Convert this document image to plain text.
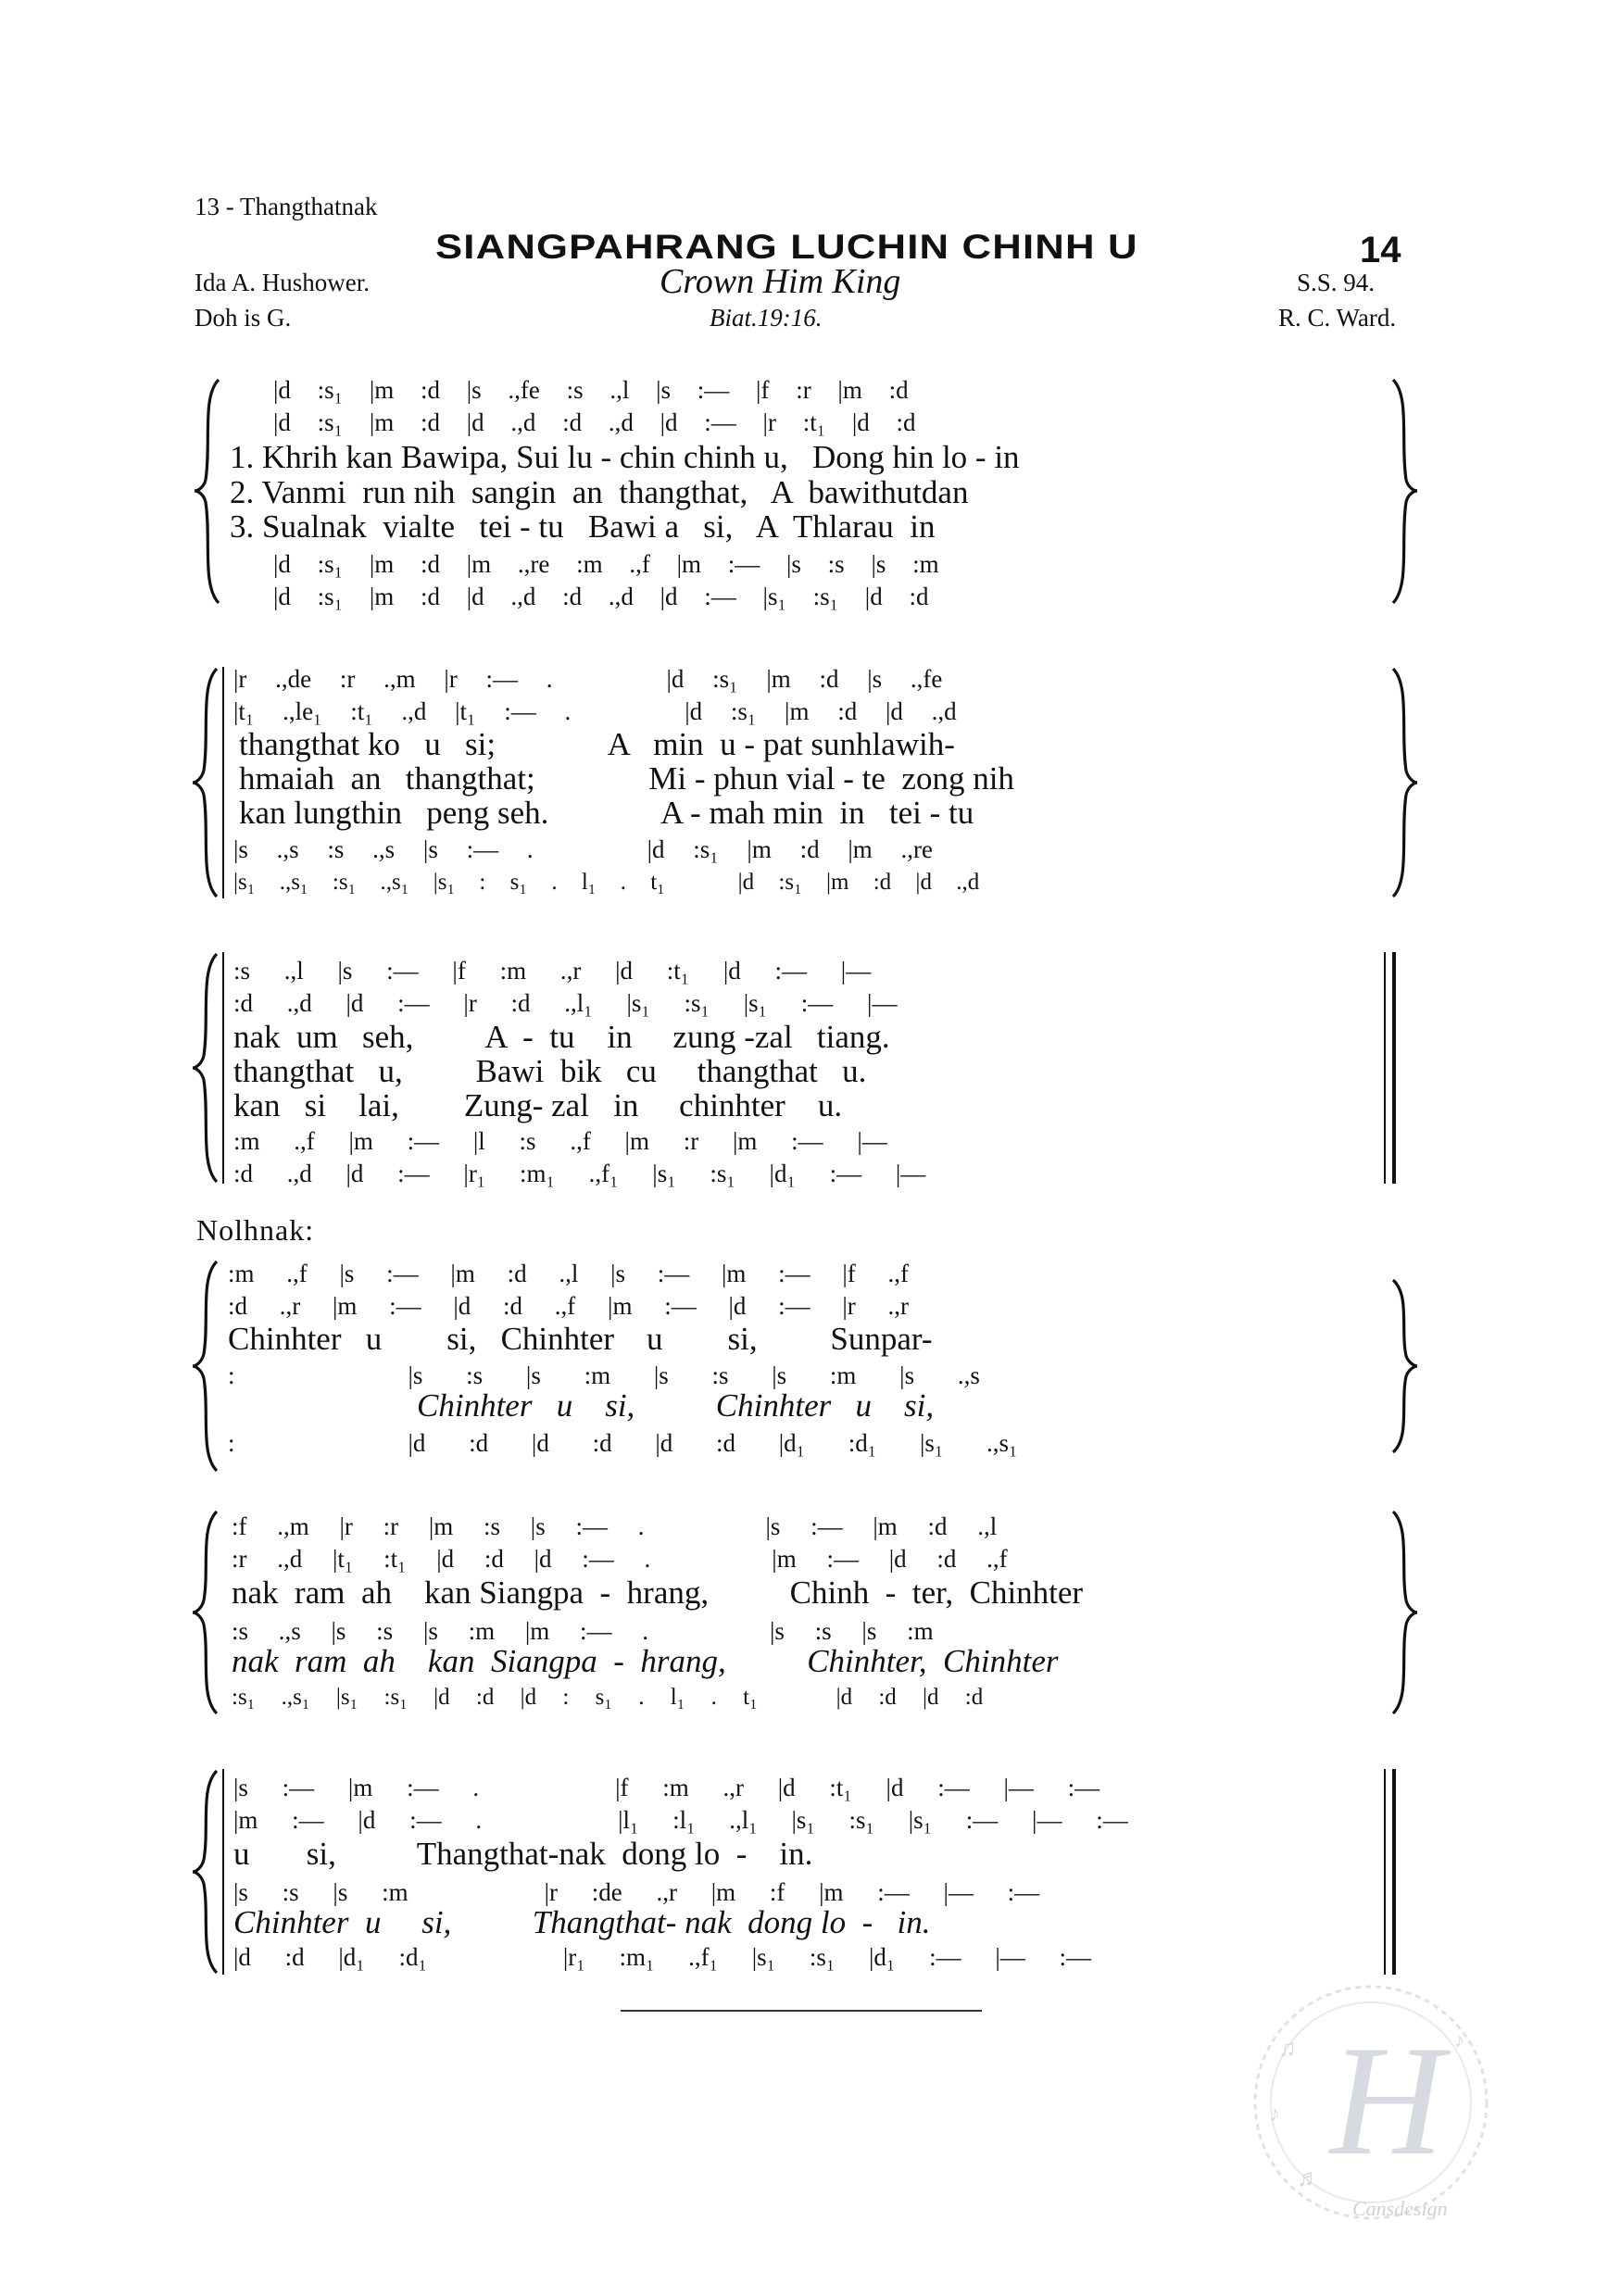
13 - Thangthatnak
SIANGPAHRANG LUCHIN CHINH U	14
Ida A. Hushower.	Crown Him King	S.S. 94.
Doh is G.	Biat.19:16.	R. C. Ward.
|d :s₁ |m :d |s .,fe :s .,l |s :— |f :r |m :d
|d :s₁ |m :d |d .,d :d .,d |d :— |r :t₁ |d :d
1. Khrih kan Bawipa, Sui lu - chin chinh u,   Dong hin lo - in
2. Vanmi  run nih  sangin  an  thangthat,   A  bawithutdan
3. Sualnak  vialte   tei - tu   Bawi a   si,   A  Thlarau  in
|d :s₁ |m :d |m .,re :m .,f |m :— |s :s |s :m
|d :s₁ |m :d |d .,d :d .,d |d :— |s₁ :s₁ |d :d
|r .,de :r .,m |r :— .    |d :s₁ |m :d |s .,fe
|t₁ .,le₁ :t₁ .,d |t₁ :— .    |d :s₁ |m :d |d .,d
thangthat ko   u   si;              A   min  u - pat sunhlawih-
hmaiah  an   thangthat;              Mi - phun vial - te  zong nih
kan lungthin   peng seh.              A - mah min  in   tei - tu
|s .,s :s .,s |s :— .    |d :s₁ |m :d |m .,re
|s₁ .,s₁ :s₁ .,s₁ |s₁ : s₁ . l₁ . t₁   |d :s₁ |m :d |d .,d
:s .,l |s :— |f :m .,r |d :t₁ |d :— |—
:d .,d |d :— |r :d .,l₁ |s₁ :s₁ |s₁ :— |—
nak  um   seh,         A  -  tu    in     zung -zal   tiang.
thangthat   u,         Bawi  bik   cu     thangthat   u.
kan   si    lai,        Zung- zal   in     chinhter    u.
:m .,f |m :— |l :s .,f |m :r |m :— |—
:d .,d |d :— |r₁ :m₁ .,f₁ |s₁ :s₁ |d₁ :— |—
Nolhnak:
:m .,f |s :— |m :d .,l |s :— |m :— |f .,f
:d .,r |m :— |d :d .,f |m :— |d :— |r .,r
Chinhter   u        si,   Chinhter    u        si,         Sunpar-
:    |s :s |s :m |s :s |s :m |s .,s
Chinhter   u    si,          Chinhter   u    si,
:    |d :d |d :d |d :d |d₁ :d₁ |s₁ .,s₁
:f .,m |r :r |m :s |s :— .    |s :— |m :d .,l
:r .,d |t₁ :t₁ |d :d |d :— .    |m :— |d :d .,f
nak  ram  ah    kan Siangpa  -  hrang,          Chinh  -  ter,  Chinhter
:s .,s |s :s |s :m |m :— .    |s :s |s :m
nak  ram  ah    kan  Siangpa  -  hrang,          Chinhter,  Chinhter
:s₁ .,s₁ |s₁ :s₁ |d :d |d : s₁ . l₁ . t₁   |d :d |d :d
|s :— |m :— .    |f :m .,r |d :t₁ |d :— |— :—
|m :— |d :— .    |l₁ :l₁ .,l₁ |s₁ :s₁ |s₁ :— |— :—
u       si,          Thangthat-nak  dong lo  -    in.
|s :s |s :m    |r :de .,r |m :f |m :— |— :—
Chinhter  u     si,          Thangthat- nak  dong lo  -   in.
|d :d |d₁ :d₁    |r₁ :m₁ .,f₁ |s₁ :s₁ |d₁ :— |— :—
H
Cansdesign
♫
♪
♬
♪
